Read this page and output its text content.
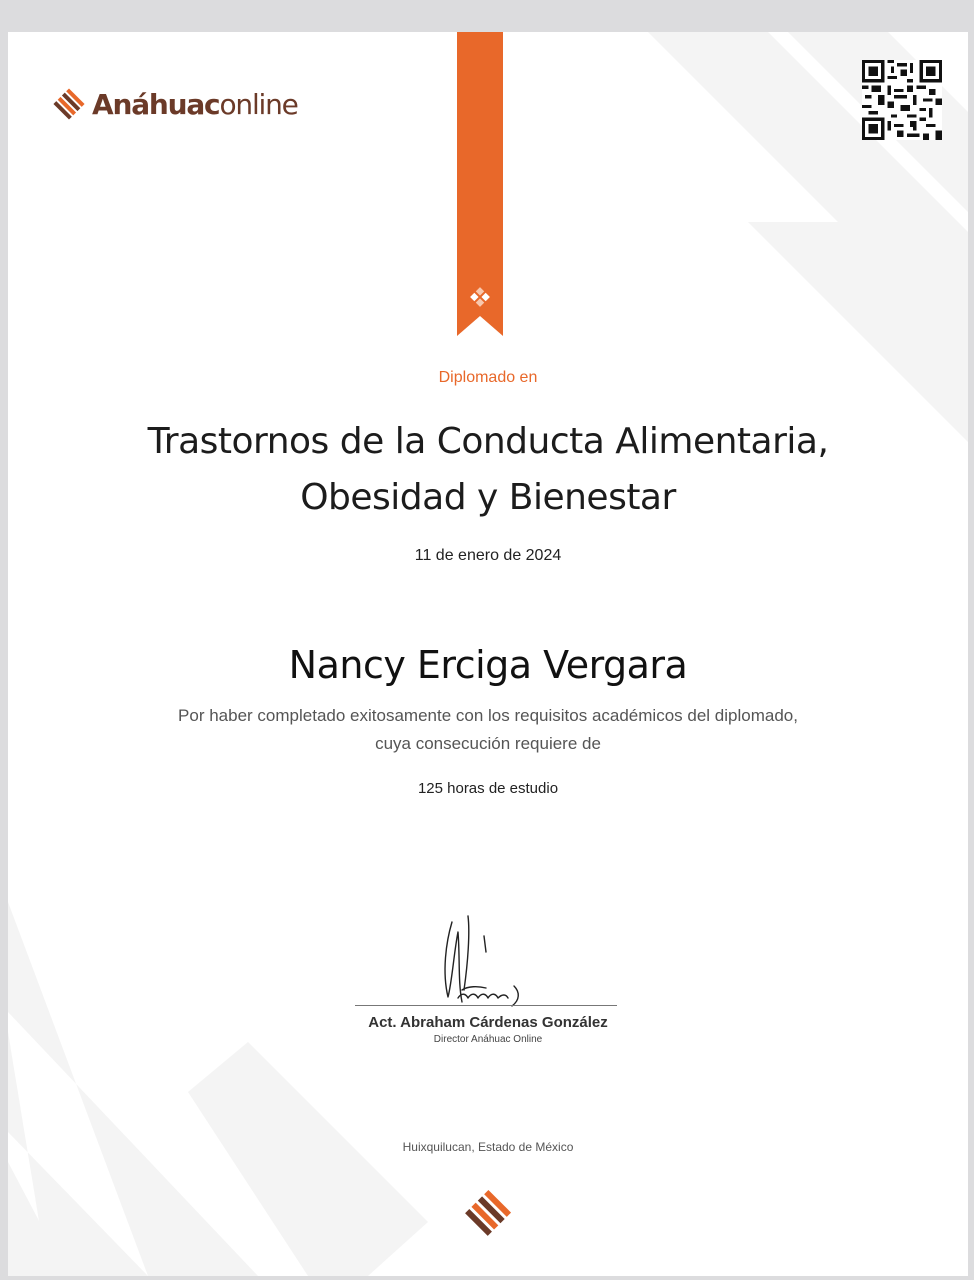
Anáhuaconline
Diplomado en
Trastornos de la Conducta Alimentaria,
Obesidad y Bienestar
11 de enero de 2024
Nancy Erciga Vergara
Por haber completado exitosamente con los requisitos académicos del diplomado,
cuya consecución requiere de
125 horas de estudio
Act. Abraham Cárdenas González
Director Anáhuac Online
Huixquilucan, Estado de México
